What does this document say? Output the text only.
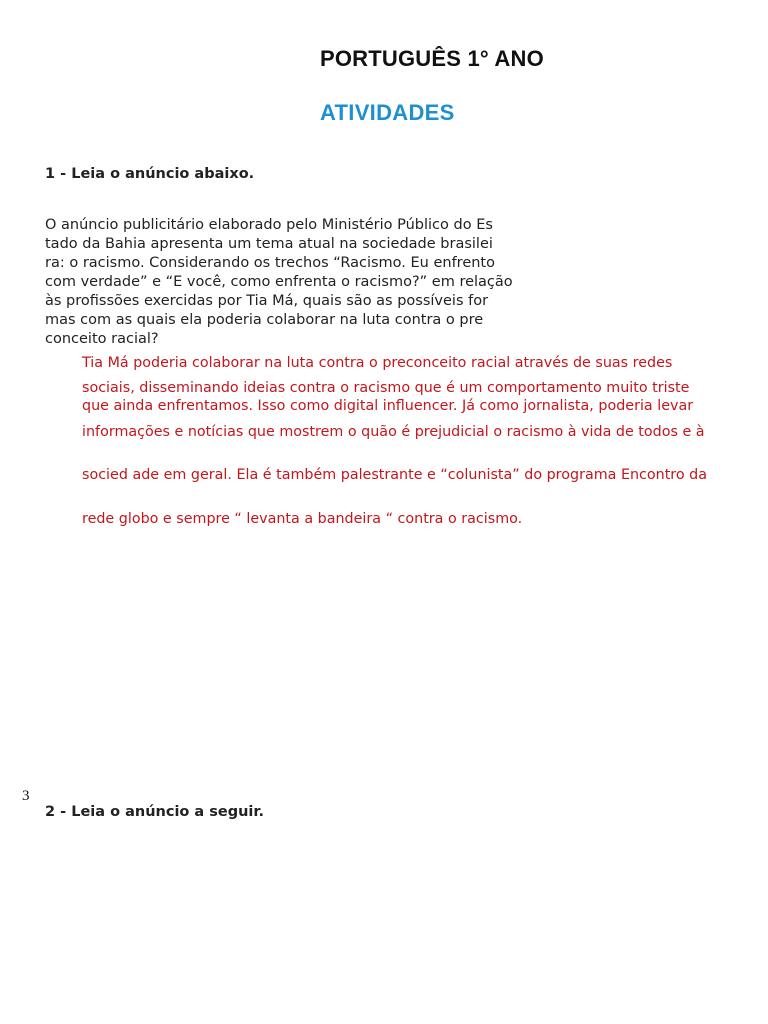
PORTUGUÊS 1° ANO
ATIVIDADES
1 - Leia o anúncio abaixo.
O anúncio publicitário elaborado pelo Ministério Público do Es
tado da Bahia apresenta um tema atual na sociedade brasilei
ra: o racismo. Considerando os trechos “Racismo. Eu enfrento
com verdade” e “E você, como enfrenta o racismo?” em relação
às profissões exercidas por Tia Má, quais são as possíveis for
mas com as quais ela poderia colaborar na luta contra o pre
conceito racial?
Tia Má poderia colaborar na luta contra o preconceito racial através de suas redes
sociais, disseminando ideias contra o racismo que é um comportamento muito triste
que ainda enfrentamos. Isso como digital influencer. Já como jornalista, poderia levar
informações e notícias que mostrem o quão é prejudicial o racismo à vida de todos e à
socied ade em geral. Ela é também palestrante e “colunista” do programa Encontro da
rede globo e sempre “ levanta a bandeira “ contra o racismo.
3
2 - Leia o anúncio a seguir.
